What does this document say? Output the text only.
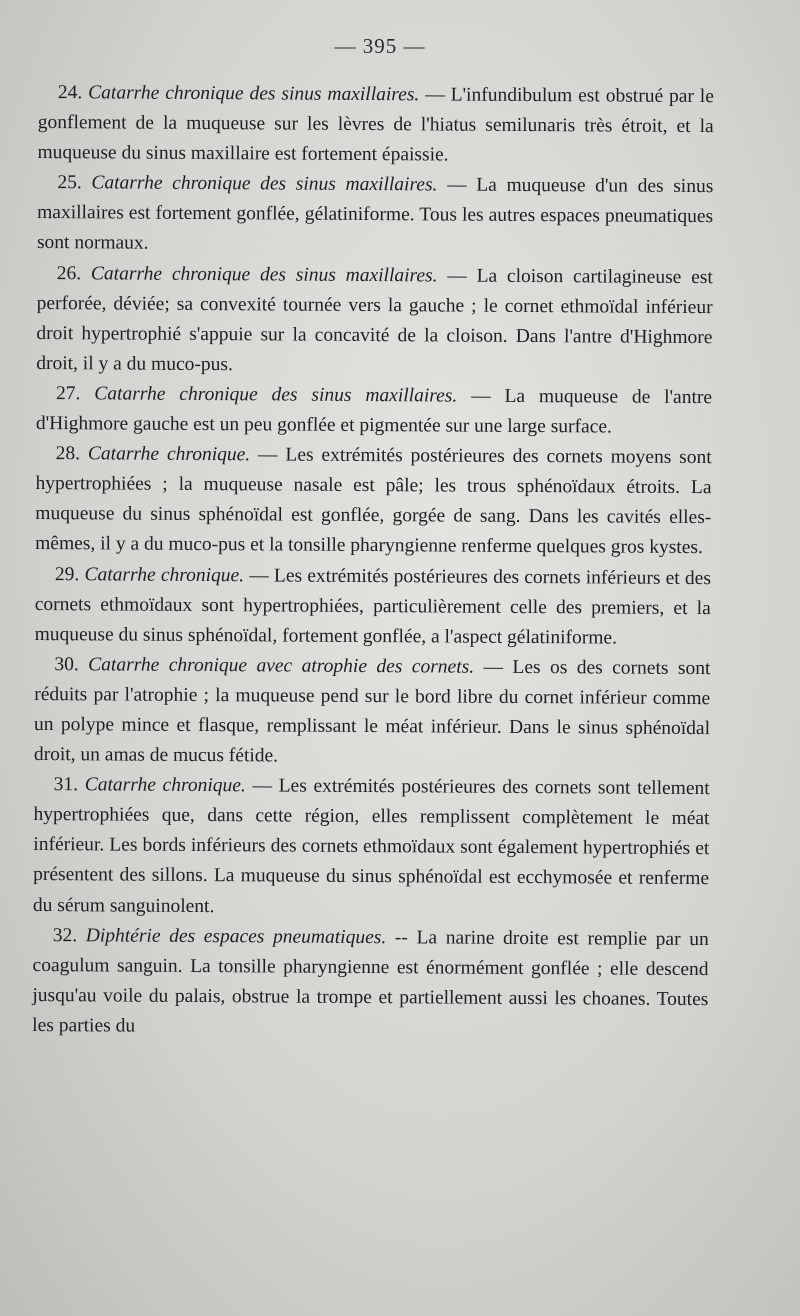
— 395 —

24. Catarrhe chronique des sinus maxillaires. — L'infundibulum est obstrué par le gonflement de la muqueuse sur les lèvres de l'hiatus semilunaris très étroit, et la muqueuse du sinus maxillaire est fortement épaissie.

25. Catarrhe chronique des sinus maxillaires. — La muqueuse d'un des sinus maxillaires est fortement gonflée, gélatiniforme. Tous les autres espaces pneumatiques sont normaux.

26. Catarrhe chronique des sinus maxillaires. — La cloison cartilagineuse est perforée, déviée; sa convexité tournée vers la gauche ; le cornet ethmoïdal inférieur droit hypertrophié s'appuie sur la concavité de la cloison. Dans l'antre d'Highmore droit, il y a du muco-pus.

27. Catarrhe chronique des sinus maxillaires. — La muqueuse de l'antre d'Highmore gauche est un peu gonflée et pigmentée sur une large surface.

28. Catarrhe chronique. — Les extrémités postérieures des cornets moyens sont hypertrophiées ; la muqueuse nasale est pâle; les trous sphénoïdaux étroits. La muqueuse du sinus sphénoïdal est gonflée, gorgée de sang. Dans les cavités elles-mêmes, il y a du muco-pus et la tonsille pharyngienne renferme quelques gros kystes.

29. Catarrhe chronique. — Les extrémités postérieures des cornets inférieurs et des cornets ethmoïdaux sont hypertrophiées, particulièrement celle des premiers, et la muqueuse du sinus sphénoïdal, fortement gonflée, a l'aspect gélatiniforme.

30. Catarrhe chronique avec atrophie des cornets. — Les os des cornets sont réduits par l'atrophie ; la muqueuse pend sur le bord libre du cornet inférieur comme un polype mince et flasque, remplissant le méat inférieur. Dans le sinus sphénoïdal droit, un amas de mucus fétide.

31. Catarrhe chronique. — Les extrémités postérieures des cornets sont tellement hypertrophiées que, dans cette région, elles remplissent complètement le méat inférieur. Les bords inférieurs des cornets ethmoïdaux sont également hypertrophiés et présentent des sillons. La muqueuse du sinus sphénoïdal est ecchymosée et renferme du sérum sanguinolent.

32. Diphtérie des espaces pneumatiques. -- La narine droite est remplie par un coagulum sanguin. La tonsille pharyngienne est énormément gonflée ; elle descend jusqu'au voile du palais, obstrue la trompe et partiellement aussi les choanes. Toutes les parties du
